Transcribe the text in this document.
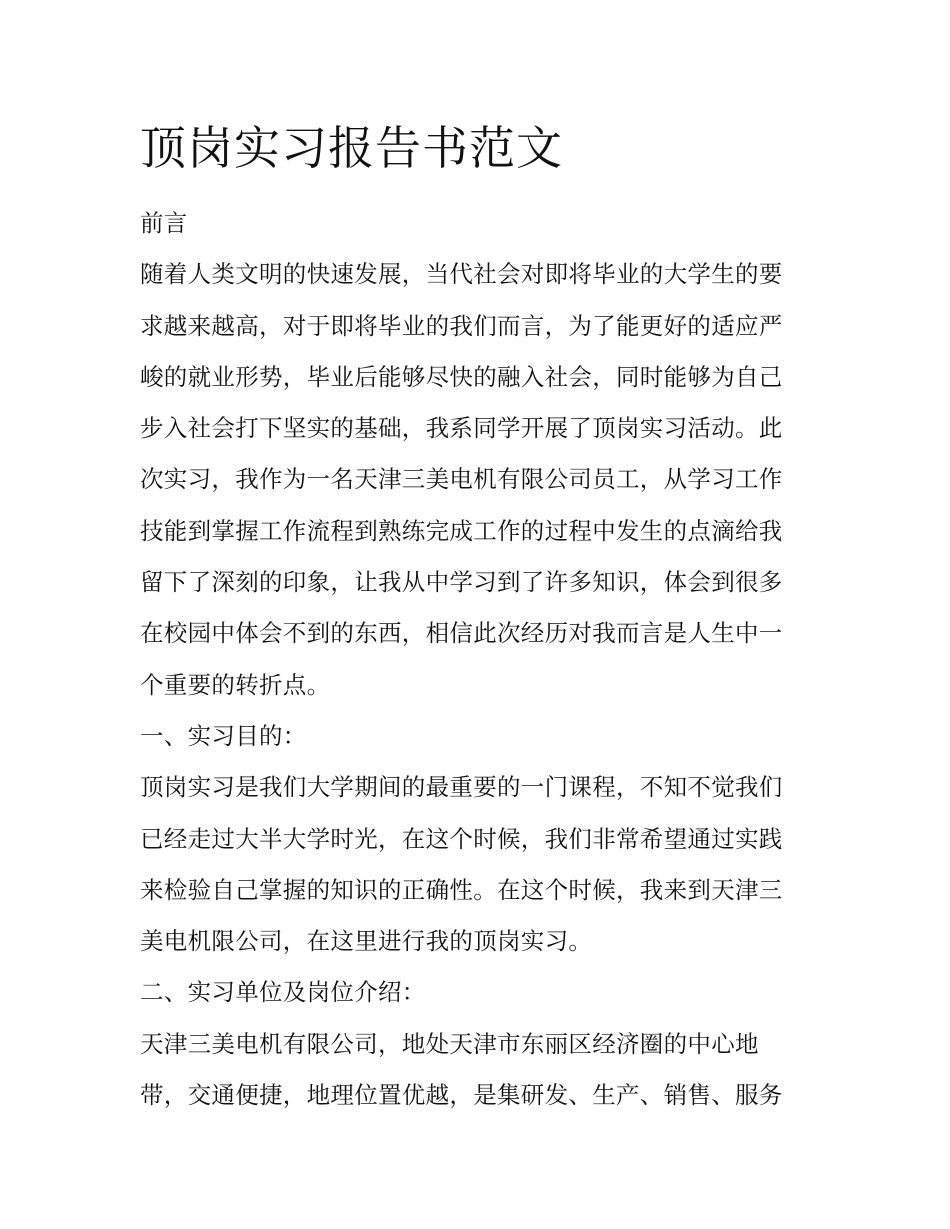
顶岗实习报告书范文
前言
随着人类文明的快速发展，当代社会对即将毕业的大学生的要
求越来越高，对于即将毕业的我们而言，为了能更好的适应严
峻的就业形势，毕业后能够尽快的融入社会，同时能够为自己
步入社会打下坚实的基础，我系同学开展了顶岗实习活动。此
次实习，我作为一名天津三美电机有限公司员工，从学习工作
技能到掌握工作流程到熟练完成工作的过程中发生的点滴给我
留下了深刻的印象，让我从中学习到了许多知识，体会到很多
在校园中体会不到的东西，相信此次经历对我而言是人生中一
个重要的转折点。
一、实习目的：
顶岗实习是我们大学期间的最重要的一门课程，不知不觉我们
已经走过大半大学时光，在这个时候，我们非常希望通过实践
来检验自己掌握的知识的正确性。在这个时候，我来到天津三
美电机限公司，在这里进行我的顶岗实习。
二、实习单位及岗位介绍：
天津三美电机有限公司，地处天津市东丽区经济圈的中心地
带，交通便捷，地理位置优越，是集研发、生产、销售、服务
